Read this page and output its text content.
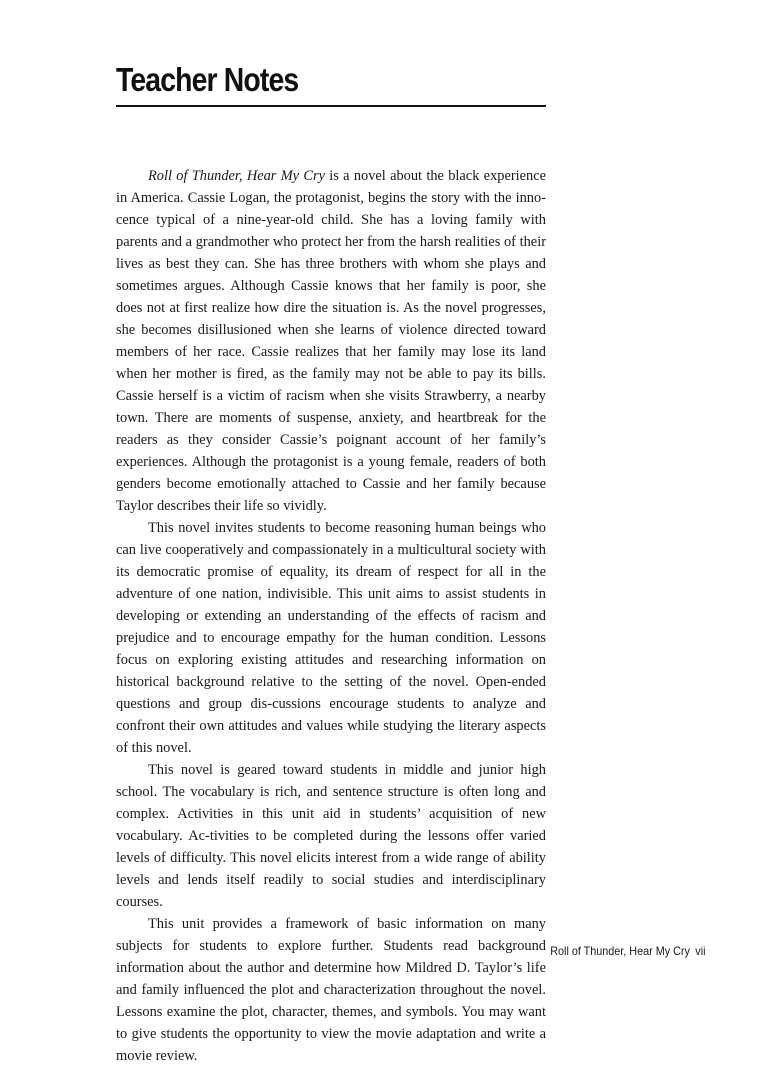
Teacher Notes

Roll of Thunder, Hear My Cry is a novel about the black experience in America. Cassie Logan, the protagonist, begins the story with the inno-cence typical of a nine-year-old child. She has a loving family with parents and a grandmother who protect her from the harsh realities of their lives as best they can. She has three brothers with whom she plays and sometimes argues. Although Cassie knows that her family is poor, she does not at first realize how dire the situation is. As the novel progresses, she becomes disillusioned when she learns of violence directed toward members of her race. Cassie realizes that her family may lose its land when her mother is fired, as the family may not be able to pay its bills. Cassie herself is a victim of racism when she visits Strawberry, a nearby town. There are moments of suspense, anxiety, and heartbreak for the readers as they consider Cassie’s poignant account of her family’s experiences. Although the protagonist is a young female, readers of both genders become emotionally attached to Cassie and her family because Taylor describes their life so vividly.

This novel invites students to become reasoning human beings who can live cooperatively and compassionately in a multicultural society with its democratic promise of equality, its dream of respect for all in the adventure of one nation, indivisible. This unit aims to assist students in developing or extending an understanding of the effects of racism and prejudice and to encourage empathy for the human condition. Lessons focus on exploring existing attitudes and researching information on historical background relative to the setting of the novel. Open-ended questions and group dis-cussions encourage students to analyze and confront their own attitudes and values while studying the literary aspects of this novel.

This novel is geared toward students in middle and junior high school. The vocabulary is rich, and sentence structure is often long and complex. Activities in this unit aid in students’ acquisition of new vocabulary. Ac-tivities to be completed during the lessons offer varied levels of difficulty. This novel elicits interest from a wide range of ability levels and lends itself readily to social studies and interdisciplinary courses.

This unit provides a framework of basic information on many subjects for students to explore further. Students read background information about the author and determine how Mildred D. Taylor’s life and family influenced the plot and characterization throughout the novel. Lessons examine the plot, character, themes, and symbols. You may want to give students the opportunity to view the movie adaptation and write a movie review.

Roll of Thunder, Hear My Cry vii
